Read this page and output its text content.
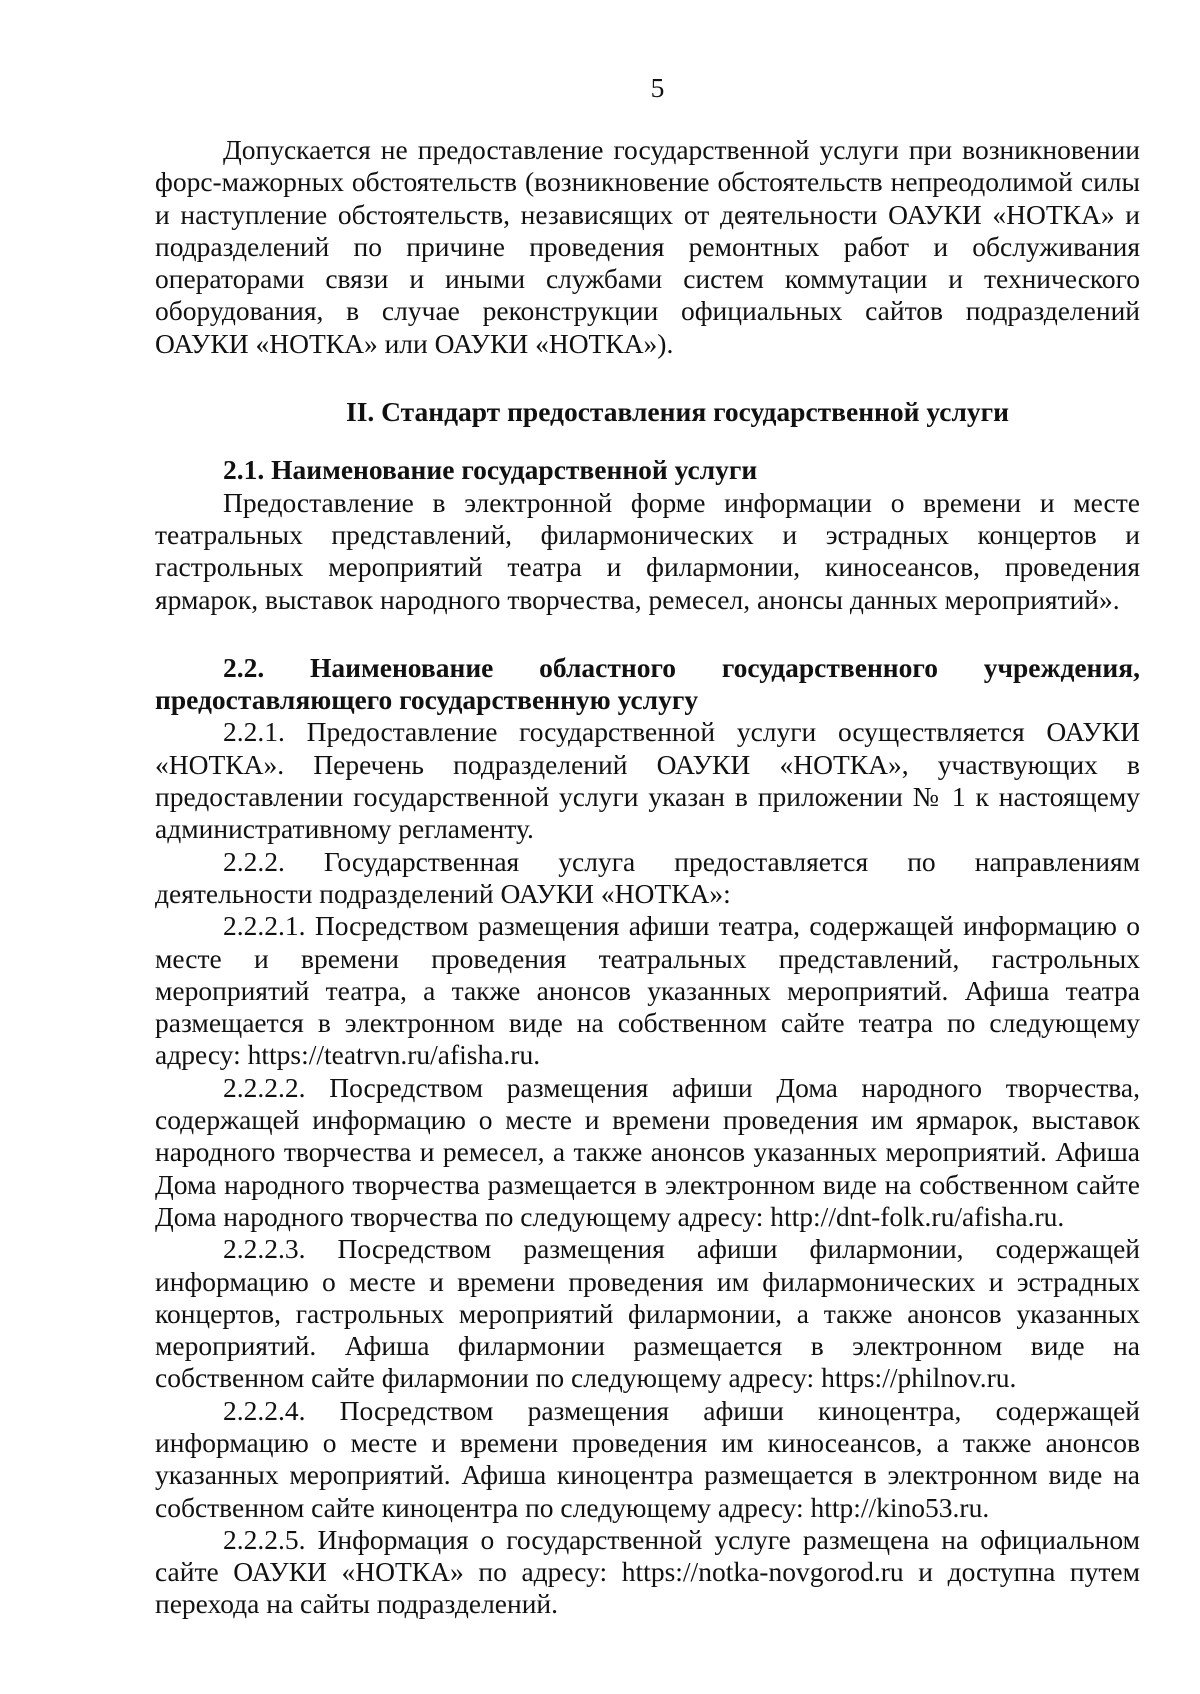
5

Допускается не предоставление государственной услуги при возникновении форс-мажорных обстоятельств (возникновение обстоятельств непреодолимой силы и наступление обстоятельств, независящих от деятельности ОАУКИ «НОТКА» и подразделений по причине проведения ремонтных работ и обслуживания операторами связи и иными службами систем коммутации и технического оборудования, в случае реконструкции официальных сайтов подразделений ОАУКИ «НОТКА» или ОАУКИ «НОТКА»).

II. Стандарт предоставления государственной услуги
2.1. Наименование государственной услуги

Предоставление в электронной форме информации о времени и месте театральных представлений, филармонических и эстрадных концертов и гастрольных мероприятий театра и филармонии, киносеансов, проведения ярмарок, выставок народного творчества, ремесел, анонсы данных мероприятий».

2.2. Наименование областного государственного учреждения, предоставляющего государственную услугу

2.2.1. Предоставление государственной услуги осуществляется ОАУКИ «НОТКА». Перечень подразделений ОАУКИ «НОТКА», участвующих в предоставлении государственной услуги указан в приложении № 1 к настоящему административному регламенту.

2.2.2. Государственная услуга предоставляется по направлениям деятельности подразделений ОАУКИ «НОТКА»:

2.2.2.1. Посредством размещения афиши театра, содержащей информацию о месте и времени проведения театральных представлений, гастрольных мероприятий театра, а также анонсов указанных мероприятий. Афиша театра размещается в электронном виде на собственном сайте театра по следующему адресу: https://teatrvn.ru/afisha.ru.

2.2.2.2. Посредством размещения афиши Дома народного творчества, содержащей информацию о месте и времени проведения им ярмарок, выставок народного творчества и ремесел, а также анонсов указанных мероприятий. Афиша Дома народного творчества размещается в электронном виде на собственном сайте Дома народного творчества по следующему адресу: http://dnt-folk.ru/afisha.ru.

2.2.2.3. Посредством размещения афиши филармонии, содержащей информацию о месте и времени проведения им филармонических и эстрадных концертов, гастрольных мероприятий филармонии, а также анонсов указанных мероприятий. Афиша филармонии размещается в электронном виде на собственном сайте филармонии по следующему адресу: https://philnov.ru.

2.2.2.4. Посредством размещения афиши киноцентра, содержащей информацию о месте и времени проведения им киносеансов, а также анонсов указанных мероприятий. Афиша киноцентра размещается в электронном виде на собственном сайте киноцентра по следующему адресу: http://kino53.ru.

2.2.2.5. Информация о государственной услуге размещена на официальном сайте ОАУКИ «НОТКА» по адресу: https://notka-novgorod.ru и доступна путем перехода на сайты подразделений.
